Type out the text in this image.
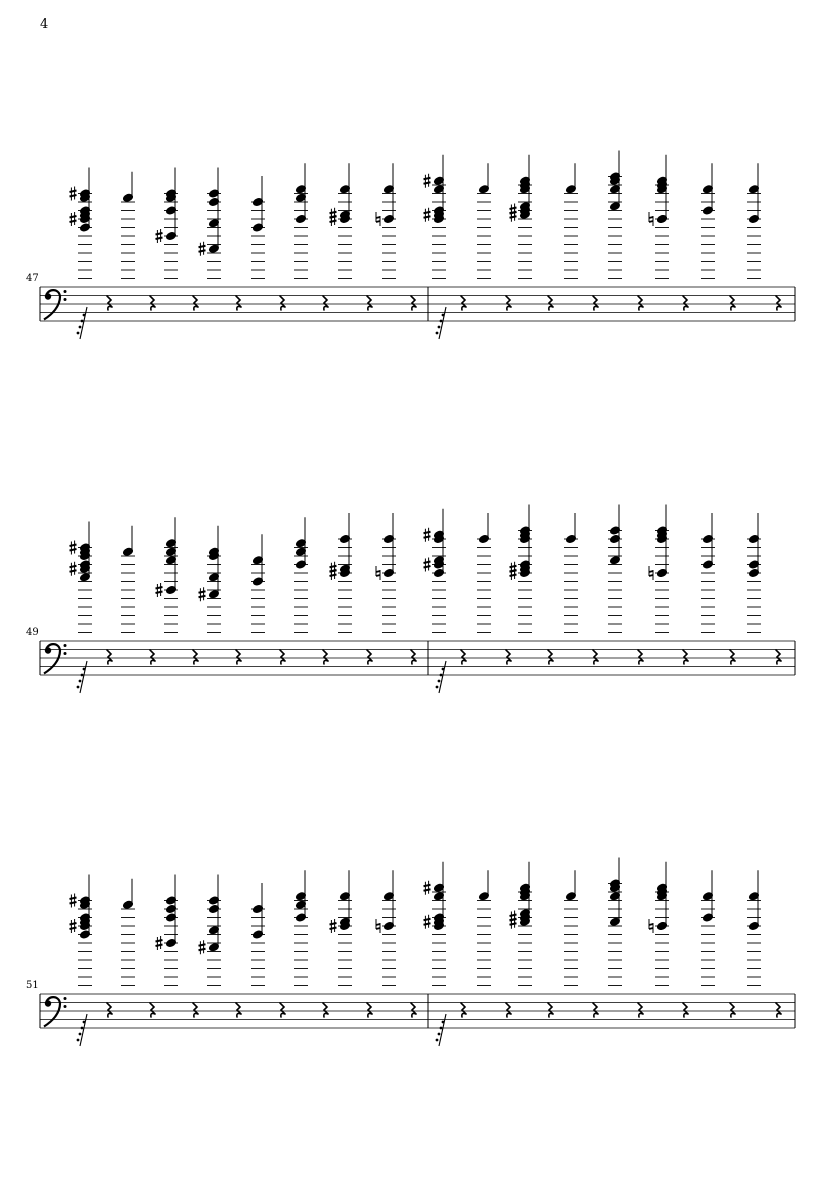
4
47
49
51
